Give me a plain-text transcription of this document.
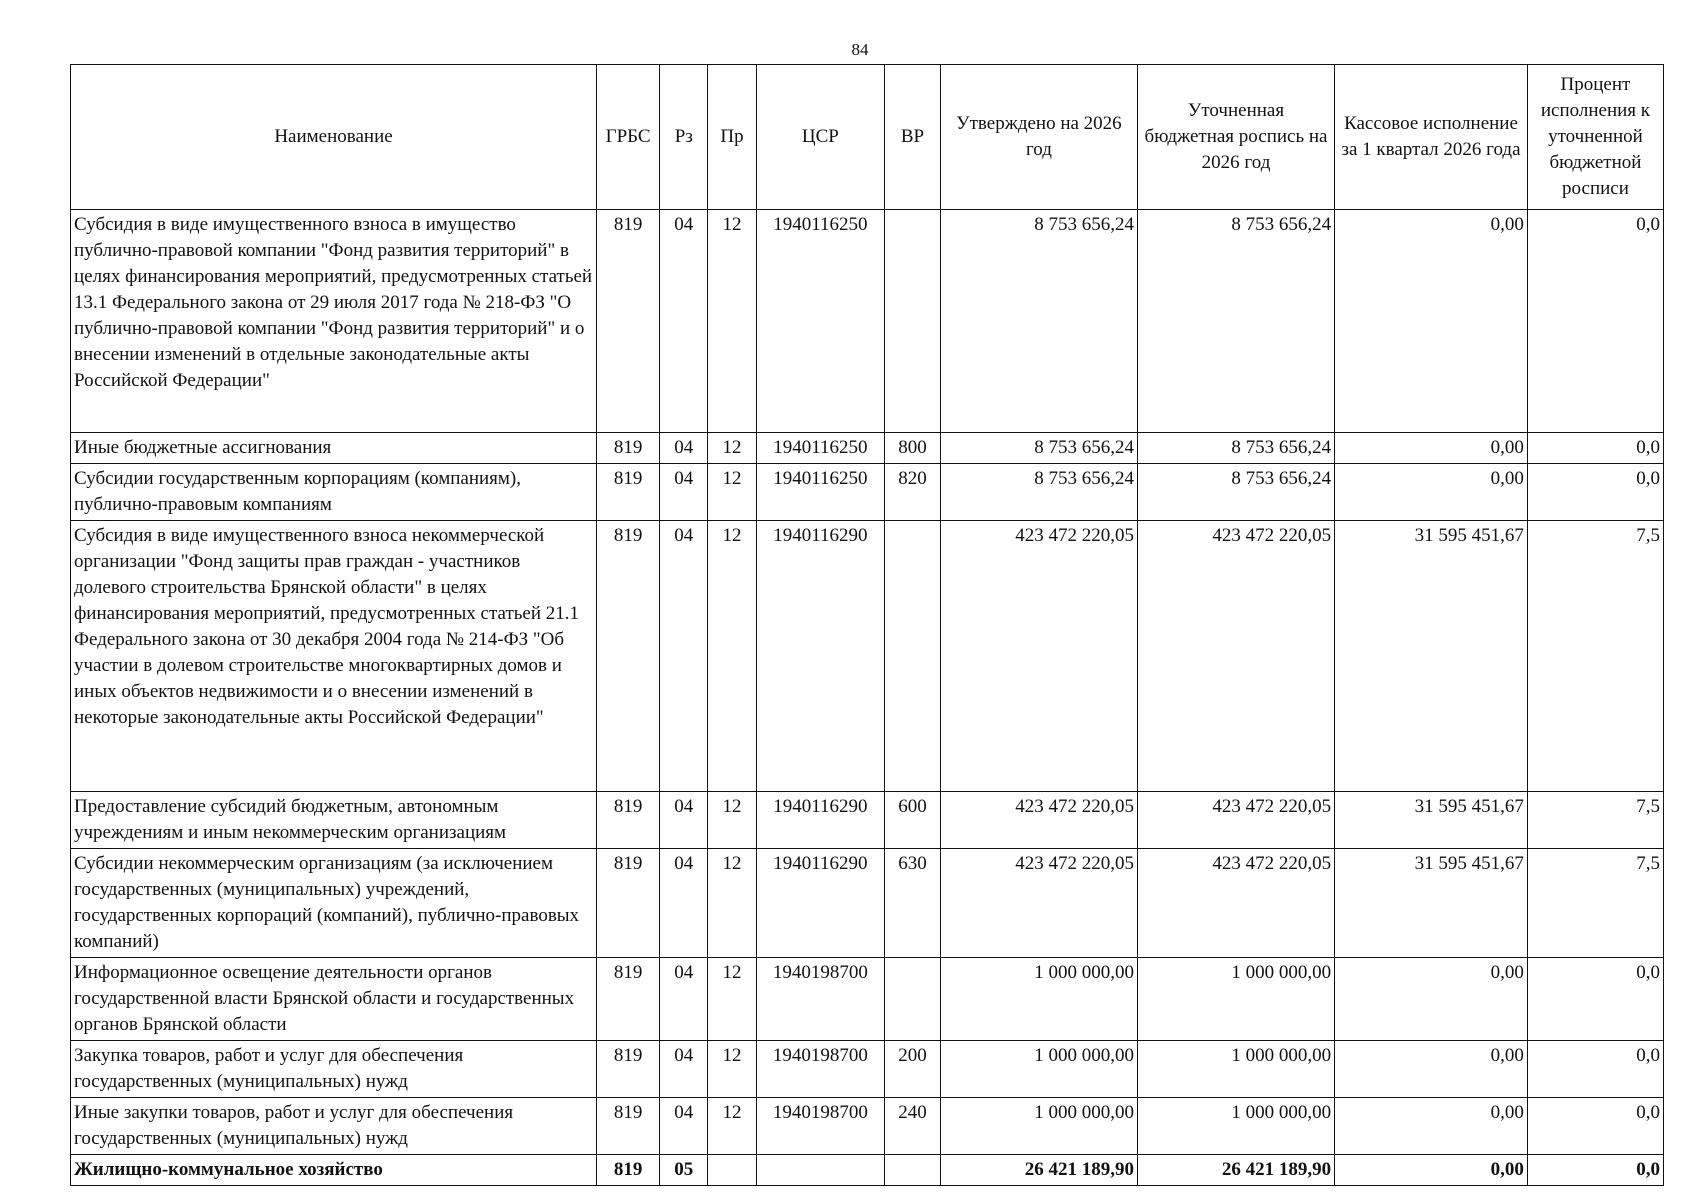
84
Наименование	ГРБС	Рз	Пр	ЦСР	ВР	Утверждено на 2026 год	Уточненная бюджетная роспись на 2026 год	Кассовое исполнение за 1 квартал 2026 года	Процент исполнения к уточненной бюджетной росписи
Субсидия в виде имущественного взноса в имущество публично-правовой компании "Фонд развития территорий" в целях финансирования мероприятий, предусмотренных статьей 13.1 Федерального закона от 29 июля 2017 года № 218-ФЗ "О публично-правовой компании "Фонд развития территорий" и о внесении изменений в отдельные законодательные акты Российской Федерации"	819	04	12	1940116250		8 753 656,24	8 753 656,24	0,00	0,0
Иные бюджетные ассигнования	819	04	12	1940116250	800	8 753 656,24	8 753 656,24	0,00	0,0
Субсидии государственным корпорациям (компаниям), публично-правовым компаниям	819	04	12	1940116250	820	8 753 656,24	8 753 656,24	0,00	0,0
Субсидия в виде имущественного взноса некоммерческой организации "Фонд защиты прав граждан - участников долевого строительства Брянской области" в целях финансирования мероприятий, предусмотренных статьей 21.1 Федерального закона от 30 декабря 2004 года № 214-ФЗ "Об участии в долевом строительстве многоквартирных домов и иных объектов недвижимости и о внесении изменений в некоторые законодательные акты Российской Федерации"	819	04	12	1940116290		423 472 220,05	423 472 220,05	31 595 451,67	7,5
Предоставление субсидий бюджетным, автономным учреждениям и иным некоммерческим организациям	819	04	12	1940116290	600	423 472 220,05	423 472 220,05	31 595 451,67	7,5
Субсидии некоммерческим организациям (за исключением государственных (муниципальных) учреждений, государственных корпораций (компаний), публично-правовых компаний)	819	04	12	1940116290	630	423 472 220,05	423 472 220,05	31 595 451,67	7,5
Информационное освещение деятельности органов государственной власти Брянской области и государственных органов Брянской области	819	04	12	1940198700		1 000 000,00	1 000 000,00	0,00	0,0
Закупка товаров, работ и услуг для обеспечения государственных (муниципальных) нужд	819	04	12	1940198700	200	1 000 000,00	1 000 000,00	0,00	0,0
Иные закупки товаров, работ и услуг для обеспечения государственных (муниципальных) нужд	819	04	12	1940198700	240	1 000 000,00	1 000 000,00	0,00	0,0
Жилищно-коммунальное хозяйство	819	05				26 421 189,90	26 421 189,90	0,00	0,0
